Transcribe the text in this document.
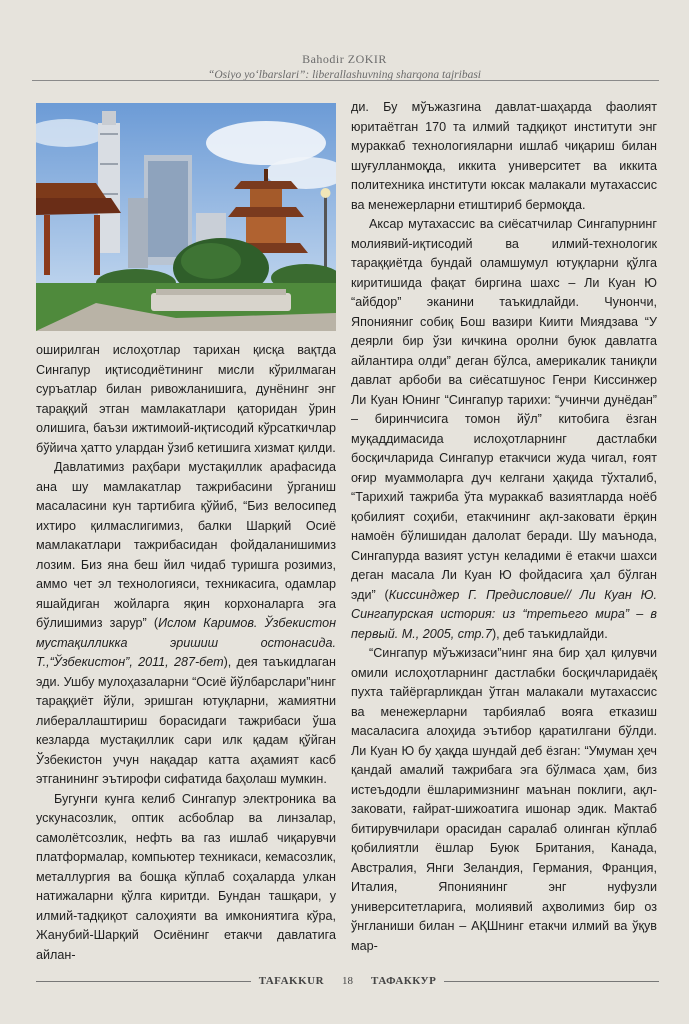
Bahodir ZOKIR
“Osiyo yo‘lbarslari”: liberallashuvning sharqona tajribasi

оширилган ислоҳотлар тарихан қисқа вақтда Сингапур иқтисодиётининг мисли кўрилмаган суръатлар билан ривожланишига, дунёнинг энг тараққий этган мамлакатлари қаторидан ўрин олишига, баъзи ижтимоий-иқтисодий кўрсаткичлар бўйича ҳатто улардан ўзиб кетишига хизмат қилди.

Давлатимиз раҳбари мустақиллик арафасида ана шу мамлакатлар тажрибасини ўрганиш масаласини кун тартибига қўйиб, “Биз велосипед ихтиро қилмаслигимиз, балки Шарқий Осиё мамлакатлари тажрибасидан фойдаланишимиз лозим. Биз яна беш йил чидаб туришга розимиз, аммо чет эл технологияси, техникасига, одамлар яшайдиган жойларга яқин корхоналарга эга бўлишимиз зарур” (Ислом Каримов. Ўзбекистон мустақилликка эришиш остонасида. Т.,“Ўзбекистон”, 2011, 287-бет), дея таъкидлаган эди. Ушбу мулоҳазаларни “Осиё йўлбарслари”нинг тараққиёт йўли, эришган ютуқларни, жамиятни либераллаштириш борасидаги тажрибаси ўша кезларда мустақиллик сари илк қадам қўйган Ўзбекистон учун нақадар катта аҳамият касб этганининг эътирофи сифатида баҳолаш мумкин.

Бугунги кунга келиб Сингапур электроника ва ускунасозлик, оптик асбоблар ва линзалар, самолётсозлик, нефть ва газ ишлаб чиқарувчи платформалар, компьютер техникаси, кемасозлик, металлургия ва бошқа кўплаб соҳаларда улкан натижаларни қўлга киритди. Бундан ташқари, у илмий-тадқиқот салоҳияти ва имкониятига кўра, Жанубий-Шарқий Осиёнинг етакчи давлатига айлан-

ди. Бу мўъжазгина давлат-шаҳарда фаолият юритаётган 170 та илмий тадқиқот институти энг мураккаб технологияларни ишлаб чиқариш билан шуғулланмоқда, иккита университет ва иккита политехника институти юксак малакали мутахассис ва менежерларни етиштириб бермоқда.

Аксар мутахассис ва сиёсатчилар Сингапурнинг молиявий-иқтисодий ва илмий-технологик тараққиётда бундай оламшумул ютуқларни қўлга киритишида фақат биргина шахс – Ли Куан Ю “айбдор” эканини таъкидлайди. Чунончи, Японияниг собиқ Бош вазири Киити Миядзава “У деярли бир ўзи кичкина оролни буюк давлатга айлантира олди” деган бўлса, америкалик таниқли давлат арбоби ва сиёсатшунос Генри Киссинжер Ли Куан Юнинг “Сингапур тарихи: “учинчи дунёдан” – биринчисига томон йўл” китобига ёзган муқаддимасида ислоҳотларнинг дастлабки босқичларида Сингапур етакчиси жуда чигал, ғоят оғир муаммоларга дуч келгани ҳақида тўхталиб, “Тарихий тажриба ўта мураккаб вазиятларда ноёб қобилият соҳиби, етакчининг ақл-заковати ёрқин намоён бўлишидан далолат беради. Шу маънода, Сингапурда вазият устун келадими ё етакчи шахси деган масала Ли Куан Ю фойдасига ҳал бўлган эди” (Киссинджер Г. Предисловие// Ли Куан Ю. Сингапурская история: из “третьего мира” – в первый. М., 2005, стр.7), деб таъкидлайди.

“Сингапур мўъжизаси”нинг яна бир ҳал қилувчи омили ислоҳотларнинг дастлабки босқичларидаёқ пухта тайёргарликдан ўтган малакали мутахассис ва менежерларни тарбиялаб вояга етказиш масаласига алоҳида эътибор қаратилгани бўлди. Ли Куан Ю бу ҳақда шундай деб ёзган: “Умуман ҳеч қандай амалий тажрибага эга бўлмаса ҳам, биз истеъдодли ёшларимизнинг маънан поклиги, ақл-заковати, ғайрат-шижоатига ишонар эдик. Мактаб битирувчилари орасидан саралаб олинган кўплаб қобилиятли ёшлар Буюк Британия, Канада, Австралия, Янги Зеландия, Германия, Франция, Италия, Япониянинг энг нуфузли университетларига, молиявий аҳволимиз бир оз ўнгланиши билан – АҚШнинг етакчи илмий ва ўқув мар-

TAFAKKUR	18	ТАФАККУР
